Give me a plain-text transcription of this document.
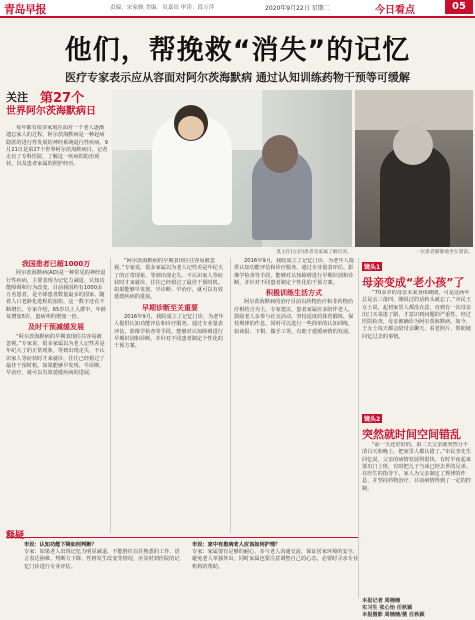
青岛早报	责编：宋家骏 美编：吴嘉田 审读：段万萍	2020年9月22日 星期二	今日看点	05
他们，帮挽救“消失”的记忆
医疗专家表示应从容面对阿尔茨海默病 通过认知训练药物干预等可缓解
关注 第27个
世界阿尔茨海默病日
每年都有很多家庭在面对一个老人逐渐遗忘家人的过程。阿尔茨海默病是一种起病隐匿的进行性发展的神经系统退行性疾病。9月21日是第27个世界阿尔茨海默病日，记者走访了专科医院，了解这一疾病的防治现状，以及患者家属的照护经历。
莫主任(左)向患者及家属了解近况。	一位患者静静地坐在窗前。
我国患者已超1000万

阿尔茨海默病(AD)是一种常见的神经退行性疾病，主要表现为记忆力减退、认知功能障碍和行为改变。目前我国约有1000余万名患者，是全球患者数量最多的国家。随着人口老龄化进程的加快，这一数字还在不断增长。专家介绍，65岁以上人群中，年龄每增加5岁，患病率约增加一倍。

及时干预减缓发展

“阿尔茨海默病的早期表现往往容易被忽视。”专家说，很多家属以为老人记性差是年纪大了的正常现象，等到出现走失、不认识家人等症状时才来就诊，往往已经错过了最佳干预时机。如果能够早发现、早诊断、早治疗，就可以有效延缓疾病的进展。

“阿尔茨海默病的早期表现往往容易被忽视。”专家说，很多家属以为老人记性差是年纪大了的正常现象，等到出现走失、不认识家人等症状时才来就诊，往往已经错过了最佳干预时机。如果能够早发现、早诊断、早治疗，就可以有效延缓疾病的进展。

早期诊断至关重要

2016年9月，我院成立了记忆门诊，为老年人提供认知功能评估和诊疗服务。通过专业量表评估、影像学检查等手段，能够对认知障碍进行早期识别和诊断，并针对不同患者制定个性化的干预方案。

2016年9月，我院成立了记忆门诊，为老年人提供认知功能评估和诊疗服务。通过专业量表评估、影像学检查等手段，能够对认知障碍进行早期识别和诊断，并针对不同患者制定个性化的干预方案。

积极训练生活方式

阿尔茨海默病的治疗目前以药物治疗和非药物治疗相结合为主。专家建议，患者家属应多陪伴老人，鼓励老人多参与社交活动，坚持适度的体育锻炼，保持规律的作息，同时可以进行一些简单的认知训练，如读报、下棋、做手工等，有助于延缓病情的发展。

镜头1
母亲变成“老小孩”了

“70多岁的母亲本来身体硬朗，可是这两年总是丢三落四，刚说过的话转头就忘了。”市民王女士说，起初家里人都没在意，直到有一次母亲出门买菜迷了路，才意识到问题的严重性。经过医院检查，母亲被确诊为阿尔茨海默病。如今，王女士每天都会陪母亲聊天、看老照片，帮助她回忆过去的事情。

镜头2
突然就时间空间错乱

“前一天还好好的，第二天父亲就突然分不清白天和晚上，把家里人都认错了。”市民李先生回忆说，父亲的病情发展得很快，有时半夜起来要出门上班，有时把儿子当成已经去世的兄弟。在医生的指导下，家人为父亲制定了规律的作息，并坚持药物治疗，目前病情得到了一定的控制。

释疑
市民：认知功能下降如何判断？
专家：如果老人出现记忆力明显减退、不能胜任以往熟悉的工作、语言表达困难、判断力下降、性格发生改变等情况，应及时到医院的记忆门诊进行专业评估。
市民：家中有患病老人应该如何护理？
专家：家属要有足够的耐心，多与老人沟通交流，保证居家环境的安全，避免老人单独外出，同时家属也要注意调整自己的心态，必要时寻求专业机构的帮助。
本报记者 周楠楠
实习生 张心怡 任秋颖
本报摄影 周楠楠/摄 任秋颖
